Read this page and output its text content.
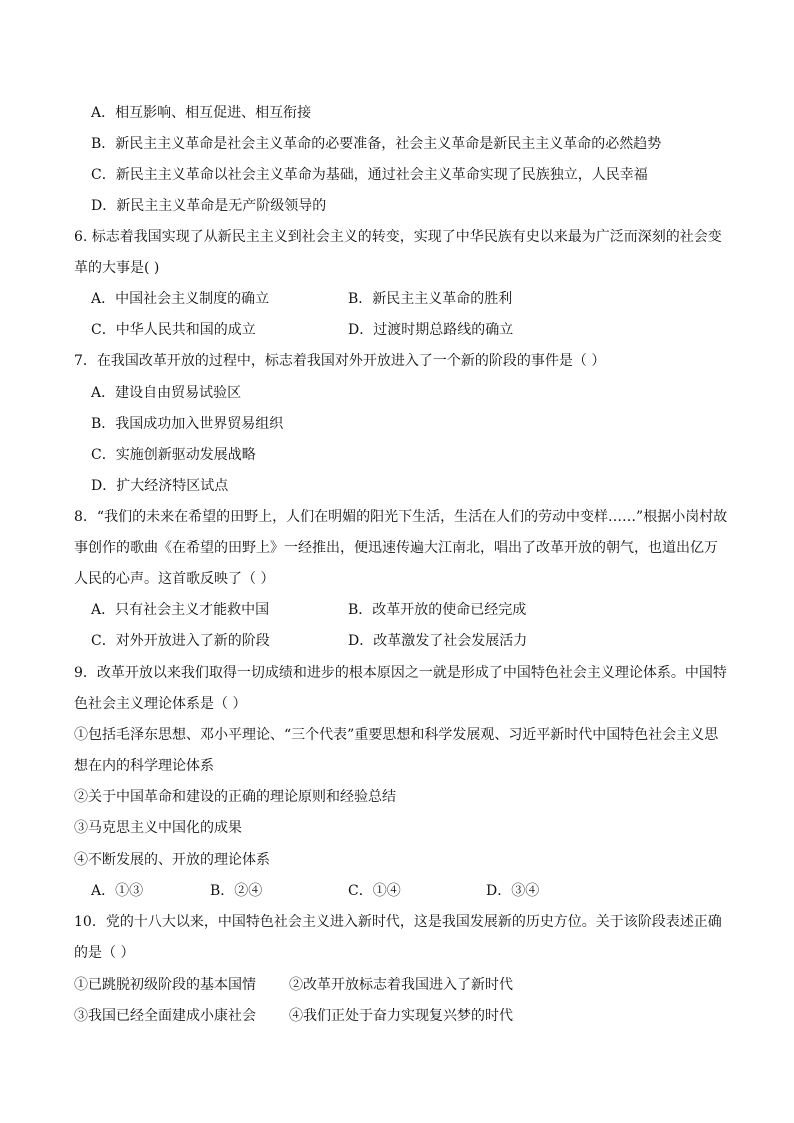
A．相互影响、相互促进、相互衔接
B．新民主主义革命是社会主义革命的必要准备，社会主义革命是新民主主义革命的必然趋势
C．新民主主义革命以社会主义革命为基础，通过社会主义革命实现了民族独立，人民幸福
D．新民主主义革命是无产阶级领导的
6. 标志着我国实现了从新民主主义到社会主义的转变，实现了中华民族有史以来最为广泛而深刻的社会变
革的大事是( )
A．中国社会主义制度的确立	B．新民主主义革命的胜利
C．中华人民共和国的成立	D．过渡时期总路线的确立
7．在我国改革开放的过程中，标志着我国对外开放进入了一个新的阶段的事件是（ ）
A．建设自由贸易试验区
B．我国成功加入世界贸易组织
C．实施创新驱动发展战略
D．扩大经济特区试点
8．“我们的未来在希望的田野上，人们在明媚的阳光下生活，生活在人们的劳动中变样……”根据小岗村故
事创作的歌曲《在希望的田野上》一经推出，便迅速传遍大江南北，唱出了改革开放的朝气，也道出亿万
人民的心声。这首歌反映了（ ）
A．只有社会主义才能救中国	B．改革开放的使命已经完成
C．对外开放进入了新的阶段	D．改革激发了社会发展活力
9．改革开放以来我们取得一切成绩和进步的根本原因之一就是形成了中国特色社会主义理论体系。中国特
色社会主义理论体系是（ ）
①包括毛泽东思想、邓小平理论、“三个代表”重要思想和科学发展观、习近平新时代中国特色社会主义思
想在内的科学理论体系
②关于中国革命和建设的正确的理论原则和经验总结
③马克思主义中国化的成果
④不断发展的、开放的理论体系
A．①③	B．②④	C．①④	D．③④
10．党的十八大以来，中国特色社会主义进入新时代，这是我国发展新的历史方位。关于该阶段表述正确
的是（ ）
①已跳脱初级阶段的基本国情 ②改革开放标志着我国进入了新时代
③我国已经全面建成小康社会 ④我们正处于奋力实现复兴梦的时代
